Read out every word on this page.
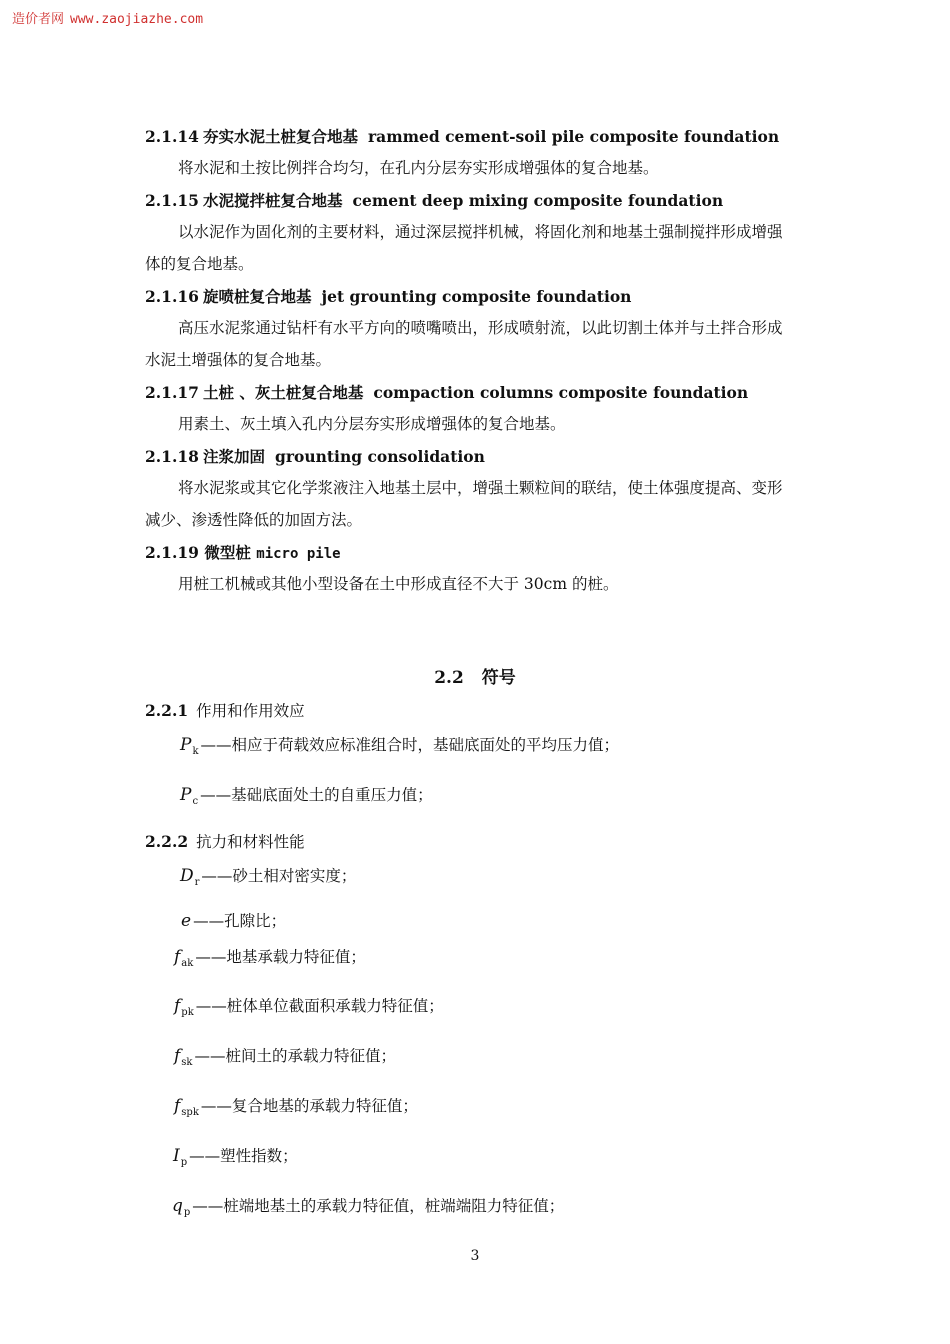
造价者网 www.zaojiazhe.com
2.1.14 夯实水泥土桩复合地基 rammed cement-soil pile composite foundation
将水泥和土按比例拌合均匀，在孔内分层夯实形成增强体的复合地基。
2.1.15 水泥搅拌桩复合地基 cement deep mixing composite foundation
以水泥作为固化剂的主要材料，通过深层搅拌机械，将固化剂和地基土强制搅拌形成增强
体的复合地基。
2.1.16 旋喷桩复合地基 jet grounting composite foundation
高压水泥浆通过钻杆有水平方向的喷嘴喷出，形成喷射流，以此切割土体并与土拌合形成
水泥土增强体的复合地基。
2.1.17 土桩 、灰土桩复合地基 compaction columns composite foundation
用素土、灰土填入孔内分层夯实形成增强体的复合地基。
2.1.18 注浆加固 grounting consolidation
将水泥浆或其它化学浆液注入地基土层中，增强土颗粒间的联结，使土体强度提高、变形
减少、渗透性降低的加固方法。
2.1.19 微型桩 micro pile
用桩工机械或其他小型设备在土中形成直径不大于 30cm 的桩。
2.2 符号
2.2.1 作用和作用效应
$P_k$ ——相应于荷载效应标准组合时，基础底面处的平均压力值；
$P_c$ ——基础底面处土的自重压力值；
2.2.2 抗力和材料性能
$D_r$ ——砂土相对密实度；
e ——孔隙比；
$f_{ak}$ ——地基承载力特征值；
$f_{pk}$ ——桩体单位截面积承载力特征值；
$f_{sk}$ ——桩间土的承载力特征值；
$f_{spk}$ ——复合地基的承载力特征值；
$I_p$ ——塑性指数；
$q_p$ ——桩端地基土的承载力特征值，桩端端阻力特征值；
3
